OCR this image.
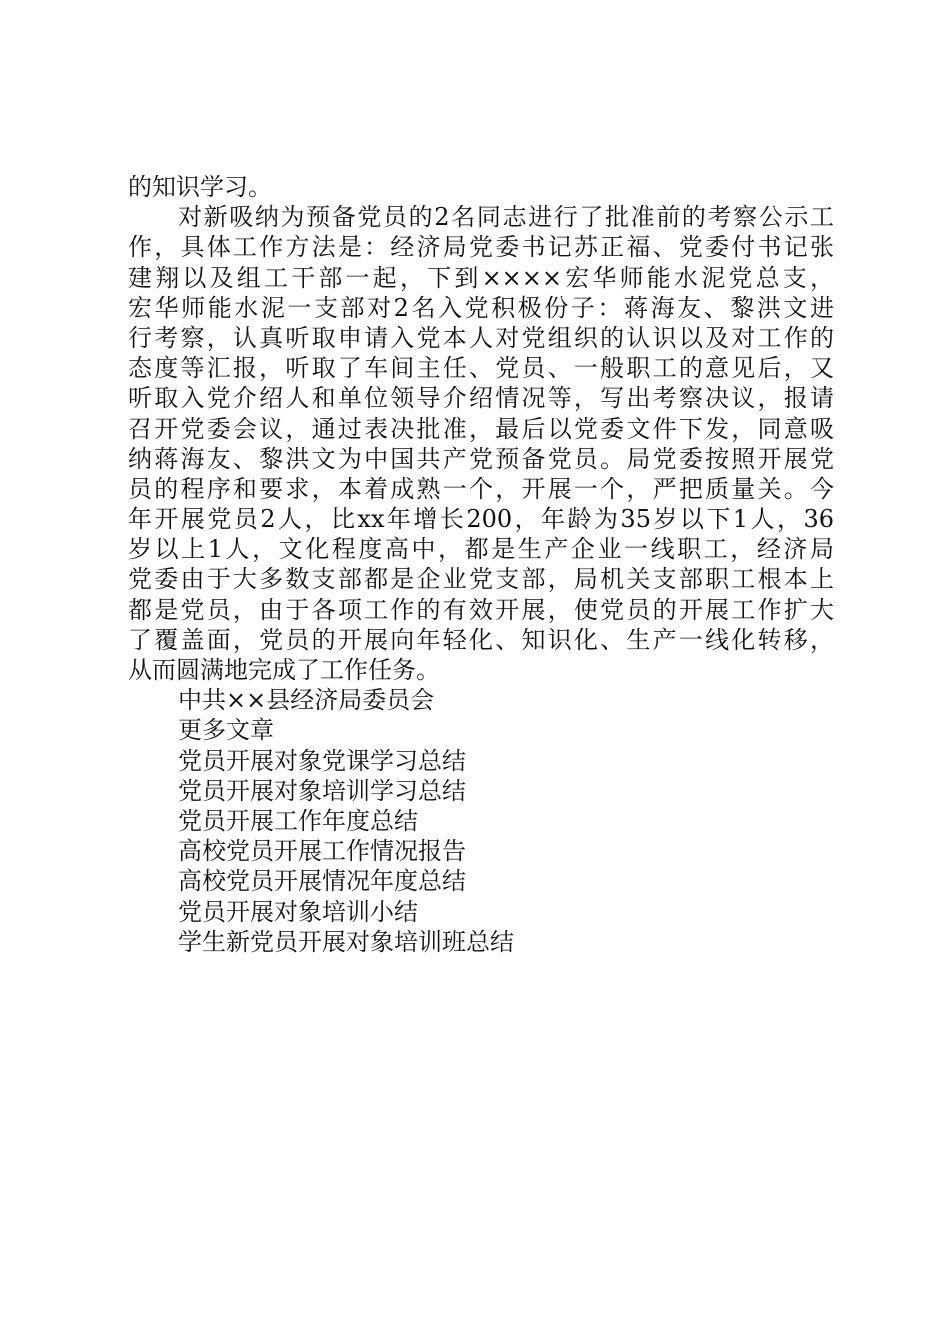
的知识学习。
对新吸纳为预备党员的2名同志进行了批准前的考察公示工
作，具体工作方法是：经济局党委书记苏正福、党委付书记张
建翔以及组工干部一起，下到××××宏华师能水泥党总支，
宏华师能水泥一支部对2名入党积极份子：蒋海友、黎洪文进
行考察，认真听取申请入党本人对党组织的认识以及对工作的
态度等汇报，听取了车间主任、党员、一般职工的意见后，又
听取入党介绍人和单位领导介绍情况等，写出考察决议，报请
召开党委会议，通过表决批准，最后以党委文件下发，同意吸
纳蒋海友、黎洪文为中国共产党预备党员。局党委按照开展党
员的程序和要求，本着成熟一个，开展一个，严把质量关。今
年开展党员2人，比xx年增长200，年龄为35岁以下1人，36
岁以上1人，文化程度高中，都是生产企业一线职工，经济局
党委由于大多数支部都是企业党支部，局机关支部职工根本上
都是党员，由于各项工作的有效开展，使党员的开展工作扩大
了覆盖面，党员的开展向年轻化、知识化、生产一线化转移，
从而圆满地完成了工作任务。
中共××县经济局委员会
更多文章
党员开展对象党课学习总结
党员开展对象培训学习总结
党员开展工作年度总结
高校党员开展工作情况报告
高校党员开展情况年度总结
党员开展对象培训小结
学生新党员开展对象培训班总结
